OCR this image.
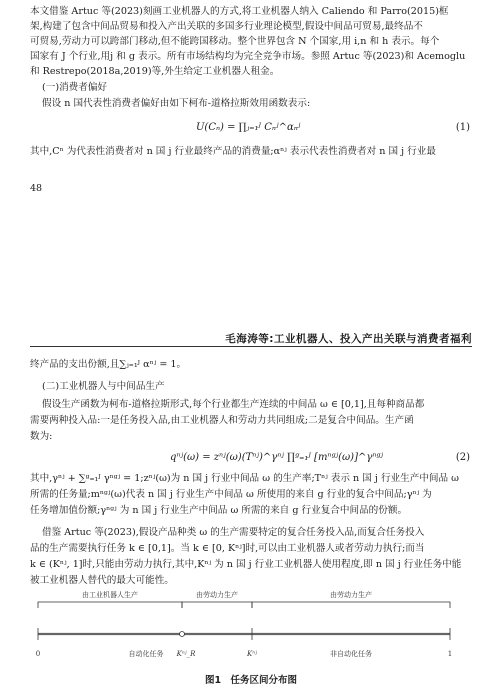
本文借鉴 Artuc 等(2023)刻画工业机器人的方式,将工业机器人纳入 Caliendo 和 Parro(2015)框
架,构建了包含中间品贸易和投入产出关联的多国多行业理论模型,假设中间品可贸易,最终品不
可贸易,劳动力可以跨部门移动,但不能跨国移动。整个世界包含 N 个国家,用 i,n 和 h 表示。每个
国家有 J 个行业,用j 和 g 表示。所有市场结构均为完全竞争市场。参照 Artuc 等(2023)和 Acemoglu
和 Restrepo(2018a,2019)等,外生给定工业机器人租金。
(一)消费者偏好
假设 n 国代表性消费者偏好由如下柯布-道格拉斯效用函数表示:
U(Cₙ) = ∏ⱼ₌₁ᴶ Cₙʲ^αₙʲ	(1)
其中,Cⁿ 为代表性消费者对 n 国 j 行业最终产品的消费量;αⁿʲ 表示代表性消费者对 n 国 j 行业最
48
毛海涛等:工业机器人、投入产出关联与消费者福利
终产品的支出份额,且∑ⱼ₌₁ᴶ αⁿʲ = 1。
(二)工业机器人与中间品生产
假设生产函数为柯布-道格拉斯形式,每个行业都生产连续的中间品 ω ∈ [0,1],且每种商品都
需要两种投入品:一是任务投入品,由工业机器人和劳动力共同组成;二是复合中间品。生产函
数为:
qⁿʲ(ω) = zⁿʲ(ω)(Tⁿʲ)^γⁿʲ ∏ᵍ₌₁ᴶ [mⁿᵍʲ(ω)]^γⁿᵍʲ	(2)
其中,γⁿʲ + ∑ᵍ₌₁ᴶ γⁿᵍʲ = 1;zⁿʲ(ω)为 n 国 j 行业中间品 ω 的生产率;Tⁿʲ 表示 n 国 j 行业生产中间品 ω
所需的任务量;mⁿᵍʲ(ω)代表 n 国 j 行业生产中间品 ω 所使用的来自 g 行业的复合中间品;γⁿʲ 为
任务增加值份额;γⁿᵍʲ 为 n 国 j 行业生产中间品 ω 所需的来自 g 行业复合中间品的份额。
借鉴 Artuc 等(2023),假设产品种类 ω 的生产需要特定的复合任务投入品,而复合任务投入
品的生产需要执行任务 k ∈ [0,1]。当 k ∈ [0, Kⁿʲ]时,可以由工业机器人或者劳动力执行;而当
k ∈ (Kⁿʲ, 1]时,只能由劳动力执行,其中,Kⁿʲ 为 n 国 j 行业工业机器人使用程度,即 n 国 j 行业任务中能
被工业机器人替代的最大可能性。
由工业机器人生产	由劳动力生产	由劳动力生产
0	1
自动化任务 Kⁿʲ_R	Kⁿʲ	非自动化任务
图1　任务区间分布图
